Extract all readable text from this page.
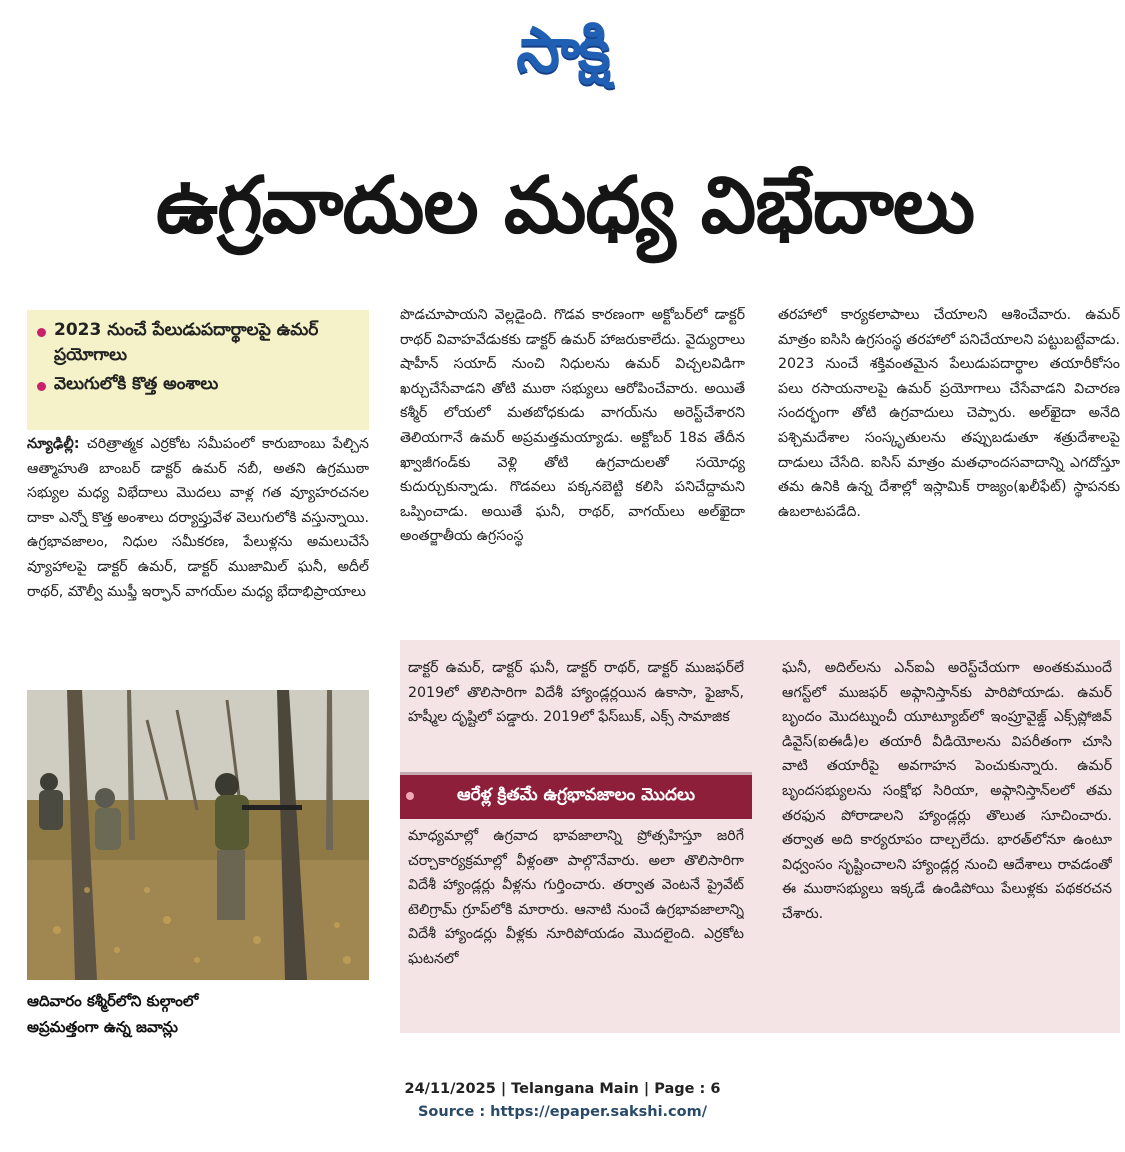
సాక్షి
ఉగ్రవాదుల మధ్య విభేదాలు
2023 నుంచే పేలుడుపదార్థాలపై ఉమర్ ప్రయోగాలు
వెలుగులోకి కొత్త అంశాలు

న్యూఢిల్లీ: చరిత్రాత్మక ఎర్రకోట సమీపంలో కారుబాంబు పేల్చిన ఆత్మాహుతి బాంబర్ డాక్టర్ ఉమర్ నబీ, అతని ఉగ్రముఠా సభ్యుల మధ్య విభేదాలు మొదలు వాళ్ల గత వ్యూహరచనల దాకా ఎన్నో కొత్త అంశాలు దర్యాప్తువేళ వెలుగులోకి వస్తున్నాయి. ఉగ్రభావజాలం, నిధుల సమీకరణ, పేలుళ్లను అమలుచేసే వ్యూహాలపై డాక్టర్ ఉమర్, డాక్టర్ ముజామిల్ ఘనీ, అదీల్ రాథర్, మౌల్వీ ముఫ్తీ ఇర్ఫాన్ వాగయ్‌ల మధ్య భేదాభిప్రాయాలు

పొడచూపాయని వెల్లడైంది. గొడవ కారణంగా అక్టోబర్‌లో డాక్టర్ రాథర్ వివాహవేడుకకు డాక్టర్ ఉమర్ హాజరుకాలేదు. వైద్యురాలు షాహీన్ సయాద్ నుంచి నిధులను ఉమర్ విచ్చలవిడిగా ఖర్చుచేసేవాడని తోటి ముఠా సభ్యులు ఆరోపించేవారు. అయితే కశ్మీర్ లోయలో మతబోధకుడు వాగయ్‌ను అరెస్ట్‌చేశారని తెలియగానే ఉమర్ అప్రమత్తమయ్యాడు. అక్టోబర్ 18వ తేదీన ఖ్వాజీగండ్‌కు వెళ్లి తోటి ఉగ్రవాదులతో సయోధ్య కుదుర్చుకున్నాడు. గొడవలు పక్కనబెట్టి కలిసి పనిచేద్దామని ఒప్పించాడు. అయితే ఘనీ, రాథర్, వాగయ్‌లు అల్‌ఖైదా అంతర్జాతీయ ఉగ్రసంస్థ

తరహాలో కార్యకలాపాలు చేయాలని ఆశించేవారు. ఉమర్ మాత్రం ఐసిసి ఉగ్రసంస్థ తరహాలో పనిచేయాలని పట్టుబట్టేవాడు. 2023 నుంచే శక్తివంతమైన పేలుడుపదార్థాల తయారీకోసం పలు రసాయనాలపై ఉమర్ ప్రయోగాలు చేసేవాడని విచారణ సందర్భంగా తోటి ఉగ్రవాదులు చెప్పారు. అల్‌ఖైదా అనేది పశ్చిమదేశాల సంస్కృతులను తప్పుబడుతూ శత్రుదేశాలపై దాడులు చేసేది. ఐసిస్ మాత్రం మతఛాందసవాదాన్ని ఎగదోస్తూ తమ ఉనికి ఉన్న దేశాల్లో ఇస్లామిక్ రాజ్యం(ఖలీఫేట్) స్థాపనకు ఉబలాటపడేది.

ఆదివారం కశ్మీర్‌లోని కుల్గాంలో
అప్రమత్తంగా ఉన్న జవాన్లు

డాక్టర్ ఉమర్, డాక్టర్ ఘనీ, డాక్టర్ రాథర్, డాక్టర్ ముజఫర్‌లే 2019లో తొలిసారిగా విదేశీ హ్యాండ్లర్లయిన ఉకాసా, ఫైజాన్, హష్మీల దృష్టిలో పడ్డారు. 2019లో ఫేస్‌బుక్, ఎక్స్ సామాజిక

ఆరేళ్ల క్రితమే ఉగ్రభావజాలం మొదలు

మాధ్యమాల్లో ఉగ్రవాద భావజాలాన్ని ప్రోత్సహిస్తూ జరిగే చర్చాకార్యక్రమాల్లో వీళ్లంతా పాల్గొనేవారు. అలా తొలిసారిగా విదేశీ హ్యాండ్లర్లు వీళ్లను గుర్తించారు. తర్వాత వెంటనే ప్రైవేట్ టెలిగ్రామ్ గ్రూప్‌లోకి మారారు. ఆనాటి నుంచే ఉగ్రభావజాలాన్ని విదేశీ హ్యాండర్లు వీళ్లకు నూరిపోయడం మొదలైంది. ఎర్రకోట ఘటనలో

ఘనీ, అదిల్‌లను ఎన్ఐఏ అరెస్ట్‌చేయగా అంతకుముందే ఆగస్ట్‌లో ముజఫర్ అఫ్గానిస్తాన్‌కు పారిపోయాడు. ఉమర్ బృందం మొదట్నుంచీ యూట్యూబ్‌లో ఇంప్రూవైజ్డ్ ఎక్స్‌ప్లోజివ్ డివైస్(ఐఈడీ)ల తయారీ వీడియోలను విపరీతంగా చూసి వాటి తయారీపై అవగాహన పెంచుకున్నారు. ఉమర్ బృందసభ్యులను సంక్షోభ సిరియా, అఫ్గానిస్తాన్‌లలో తమ తరఫున పోరాడాలని హ్యాండ్లర్లు తొలుత సూచించారు. తర్వాత అది కార్యరూపం దాల్చలేదు. భారత్‌లోనూ ఉంటూ విధ్వంసం సృష్టించాలని హ్యాండ్లర్ల నుంచి ఆదేశాలు రావడంతో ఈ ముఠాసభ్యులు ఇక్కడే ఉండిపోయి పేలుళ్లకు పథకరచన చేశారు.

24/11/2025 | Telangana Main | Page : 6
Source : https://epaper.sakshi.com/
